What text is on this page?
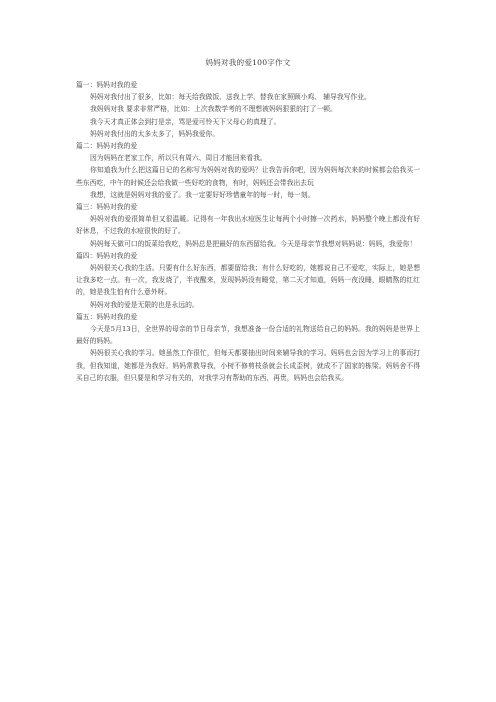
妈妈对我的爱100字作文

篇一：妈妈对我的爱

妈妈对我付出了很多，比如：每天给我做饭、送我上学、替我在家照顾小鸡、 辅导我写作业。

我妈妈对我 要求非常严格，比如：上次我数学考的不理想被妈妈狠狠的打了一顿。

我今天才真正体会到打是亲，骂是爱可怜天下父母心的真理了。

妈妈对我付出的太多太多了，妈妈我爱你。

篇二：妈妈对我的爱

因为妈妈在老家工作，所以只有周六、周日才能回来看我。

你知道我为什么把这篇日记的名称写为妈妈对我的爱吗？让我告诉你吧，因为妈妈每次来的时候都会给我买一些东西吃，中午的时候还会给我做一些好吃的食物，有时，妈妈还会带我出去玩

我想，这就是妈妈对我的爱了。我一定要好好珍惜童年的每一时，每一刻。

篇三：妈妈对我的爱

妈妈对我的爱很简单但又很温暖。记得有一年我出水痘医生让每两个小时擦一次药水，妈妈整个晚上都没有好好休息，不过我的水痘很快的好了。

妈妈每天做可口的饭菜给我吃，妈妈总是把最好的东西留给我。今天是母亲节我想对妈妈说：妈妈，我爱你！

篇四：妈妈对我的爱

妈妈很关心我的生活。只要有什么好东西，都要留给我；有什么好吃的，她都说自己不爱吃，实际上，她是想让我多吃一点。有一次，我发烧了，半夜醒来，发现妈妈没有睡觉，第二天才知道，妈妈一夜没睡，眼睛熬的红红的，她是我生怕有什么意外呀。

妈妈对我的爱是无限的也是永远的。

篇五：妈妈对我的爱

今天是5月13日，全世界的母亲的节日母亲节，我想准备一份合适的礼物送给自己的妈妈。我的妈妈是世界上最好的妈妈。

妈妈很关心我的学习。她虽然工作很忙，但每天都要抽出时间来辅导我的学习。妈妈也会因为学习上的事而打我，但我知道，她都是为我好。妈妈常教导我，小树不修剪枝条就会长成歪树，就成不了国家的栋梁。妈妈舍不得买自己的衣服，但只要是和学习有关的，对我学习有帮助的东西，再贵，妈妈也会给我买。
